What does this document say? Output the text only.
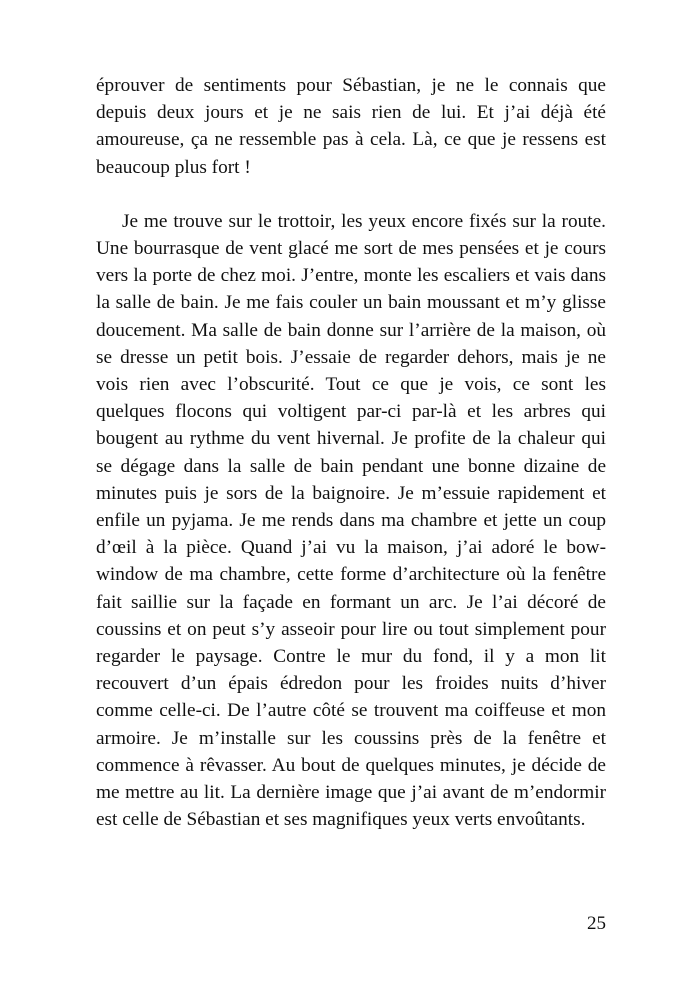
éprouver de sentiments pour Sébastian, je ne le connais que depuis deux jours et je ne sais rien de lui. Et j’ai déjà été amoureuse, ça ne ressemble pas à cela. Là, ce que je ressens est beaucoup plus fort !

Je me trouve sur le trottoir, les yeux encore fixés sur la route. Une bourrasque de vent glacé me sort de mes pensées et je cours vers la porte de chez moi. J’entre, monte les escaliers et vais dans la salle de bain. Je me fais couler un bain moussant et m’y glisse doucement. Ma salle de bain donne sur l’arrière de la maison, où se dresse un petit bois. J’essaie de regarder dehors, mais je ne vois rien avec l’obscurité. Tout ce que je vois, ce sont les quelques flocons qui voltigent par-ci par-là et les arbres qui bougent au rythme du vent hivernal. Je profite de la chaleur qui se dégage dans la salle de bain pendant une bonne dizaine de minutes puis je sors de la baignoire. Je m’essuie rapidement et enfile un pyjama. Je me rends dans ma chambre et jette un coup d’œil à la pièce. Quand j’ai vu la maison, j’ai adoré le bow-window de ma chambre, cette forme d’architecture où la fenêtre fait saillie sur la façade en formant un arc. Je l’ai décoré de coussins et on peut s’y asseoir pour lire ou tout simplement pour regarder le paysage. Contre le mur du fond, il y a mon lit recouvert d’un épais édredon pour les froides nuits d’hiver comme celle-ci. De l’autre côté se trouvent ma coiffeuse et mon armoire. Je m’installe sur les coussins près de la fenêtre et commence à rêvasser. Au bout de quelques minutes, je décide de me mettre au lit. La dernière image que j’ai avant de m’endormir est celle de Sébastian et ses magnifiques yeux verts envoûtants.

25
